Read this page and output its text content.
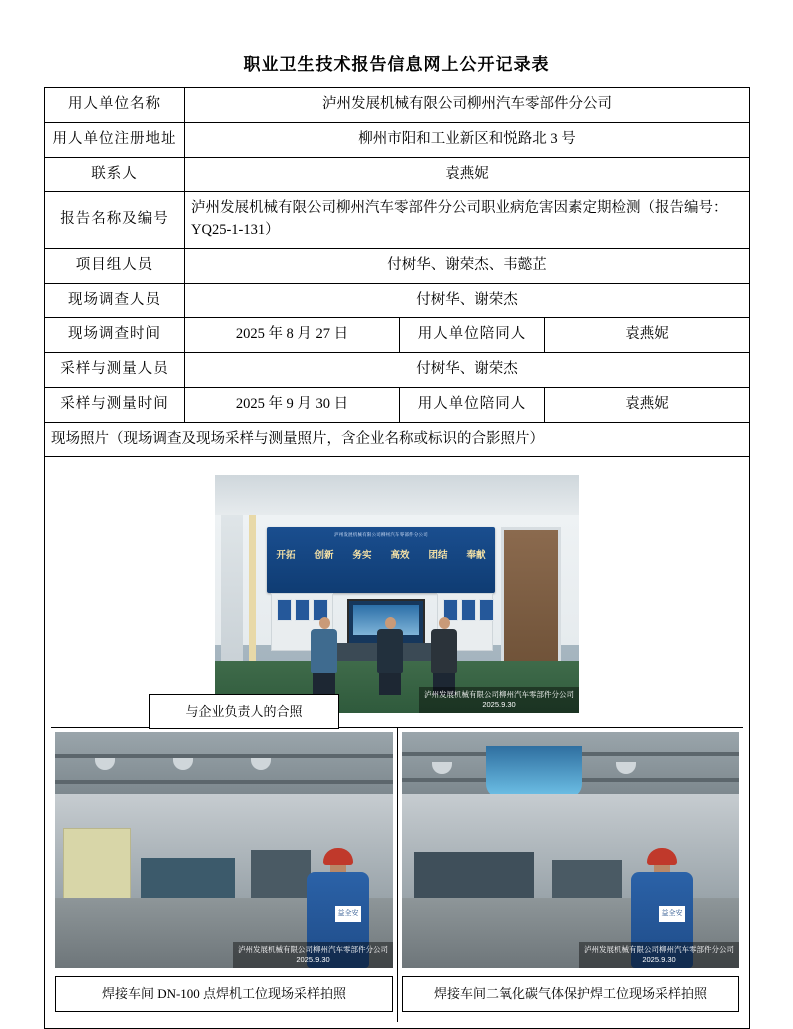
职业卫生技术报告信息网上公开记录表
用人单位名称	泸州发展机械有限公司柳州汽车零部件分公司		
用人单位注册地址	柳州市阳和工业新区和悦路北 3 号		
联系人	袁燕妮		
报告名称及编号	泸州发展机械有限公司柳州汽车零部件分公司职业病危害因素定期检测（报告编号：YQ25-1-131）		
项目组人员	付树华、谢荣杰、韦懿芷		
现场调查人员	付树华、谢荣杰		
现场调查时间	2025 年 8 月 27 日	用人单位陪同人	袁燕妮
采样与测量人员	付树华、谢荣杰		
采样与测量时间	2025 年 9 月 30 日	用人单位陪同人	袁燕妮
现场照片（现场调查及现场采样与测量照片，含企业名称或标识的合影照片）			

泸州发展机械有限公司柳州汽车零部件分公司
开拓 创新 务实 高效 团结 奉献
泸州发展机械有限公司柳州汽车零部件分公司
2025.9.30
与企业负责人的合照
益全安
泸州发展机械有限公司柳州汽车零部件分公司
2025.9.30
焊接车间 DN-100 点焊机工位现场采样拍照
益全安
泸州发展机械有限公司柳州汽车零部件分公司
2025.9.30
焊接车间二氧化碳气体保护焊工位现场采样拍照
